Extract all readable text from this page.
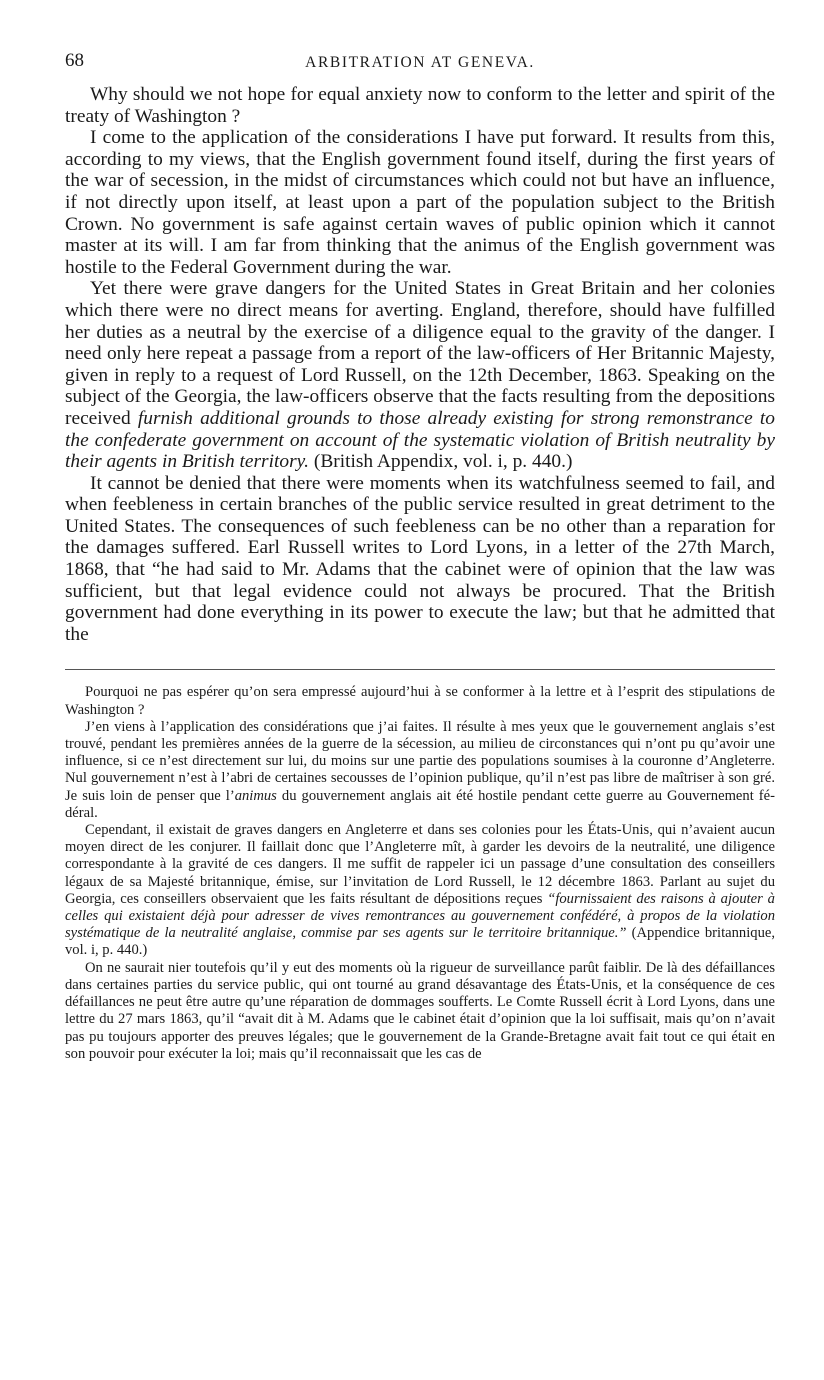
68	ARBITRATION AT GENEVA.

Why should we not hope for equal anxiety now to conform to the letter and spirit of the treaty of Washington ?

I come to the application of the considerations I have put forward. It results from this, according to my views, that the English government found itself, during the first years of the war of secession, in the midst of circumstances which could not but have an influence, if not directly upon itself, at least upon a part of the population subject to the British Crown. No government is safe against certain waves of public opinion which it cannot master at its will. I am far from thinking that the animus of the English government was hostile to the Federal Government during the war.

Yet there were grave dangers for the United States in Great Britain and her colonies which there were no direct means for averting. England, therefore, should have fulfilled her duties as a neutral by the exercise of a diligence equal to the gravity of the danger. I need only here repeat a passage from a report of the law-officers of Her Britannic Majesty, given in reply to a request of Lord Russell, on the 12th December, 1863. Speaking on the subject of the Georgia, the law-officers observe that the facts resulting from the depositions received furnish additional grounds to those already existing for strong remonstrance to the confederate government on account of the systematic violation of British neutrality by their agents in British territory. (British Appendix, vol. i, p. 440.)

It cannot be denied that there were moments when its watchfulness seemed to fail, and when feebleness in certain branches of the public service resulted in great detriment to the United States. The consequences of such feebleness can be no other than a reparation for the damages suffered. Earl Russell writes to Lord Lyons, in a letter of the 27th March, 1868, that “he had said to Mr. Adams that the cabinet were of opinion that the law was sufficient, but that legal evidence could not always be procured. That the British government had done everything in its power to execute the law; but that he admitted that the

Pourquoi ne pas espérer qu’on sera empressé aujourd’hui à se conformer à la lettre et à l’esprit des stipulations de Washington ?

J’en viens à l’application des considérations que j’ai faites. Il résulte à mes yeux que le gouvernement anglais s’est trouvé, pendant les premières années de la guerre de la sécession, au milieu de circonstances qui n’ont pu qu’avoir une influence, si ce n’est directement sur lui, du moins sur une partie des populations soumises à la couronne d’Angleterre. Nul gouvernement n’est à l’abri de certaines secousses de l’opinion publique, qu’il n’est pas libre de maîtriser à son gré. Je suis loin de penser que l’animus du gouvernement anglais ait été hostile pendant cette guerre au Gouvernement fédéral.

Cependant, il existait de graves dangers en Angleterre et dans ses colonies pour les États-Unis, qui n’avaient aucun moyen direct de les conjurer. Il faillait donc que l’Angleterre mît, à garder les devoirs de la neutralité, une diligence correspondante à la gravité de ces dangers. Il me suffit de rappeler ici un passage d’une consultation des conseillers légaux de sa Majesté britannique, émise, sur l’invitation de Lord Russell, le 12 décembre 1863. Parlant au sujet du Georgia, ces conseillers observaient que les faits résultant de dépositions reçues “fournissaient des raisons à ajouter à celles qui existaient déjà pour adresser de vives remontrances au gouvernement confédéré, à propos de la violation systématique de la neutralité anglaise, commise par ses agents sur le territoire britannique.” (Appendice britannique, vol. i, p. 440.)

On ne saurait nier toutefois qu’il y eut des moments où la rigueur de surveillance parût faiblir. De là des défaillances dans certaines parties du service public, qui ont tourné au grand désavantage des États-Unis, et la conséquence de ces défaillances ne peut être autre qu’une réparation de dommages soufferts. Le Comte Russell écrit à Lord Lyons, dans une lettre du 27 mars 1863, qu’il “avait dit à M. Adams que le cabinet était d’opinion que la loi suffisait, mais qu’on n’avait pas pu toujours apporter des preuves légales; que le gouvernement de la Grande-Bretagne avait fait tout ce qui était en son pouvoir pour exécuter la loi; mais qu’il reconnaissait que les cas de
